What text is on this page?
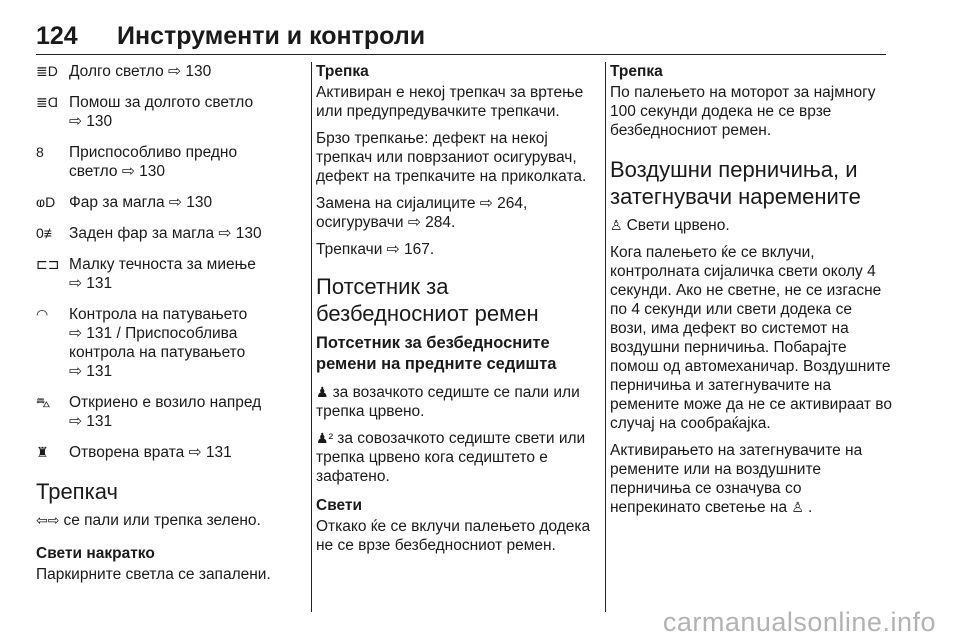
124 Инструменти и контроли
≣D Долго светло ⇨ 130
≣Ɑ Помош за долгото светло
⇨ 130
8	Приспособливо предно
светло ⇨ 130
ⱷD Фар за магла ⇨ 130
0≢ Заден фар за магла ⇨ 130
⊏⊐ Малку течноста за миење
⇨ 131
◠	Контрола на патувањето
⇨ 131 / Приспособлива
контрола на патувањето
⇨ 131
⛍	Откриено е возило напред
⇨ 131
♜	Отворена врата ⇨ 131
Трепкач

⇦⇨ се пали или трепка зелено.

Свети накратко

Паркирните светла се запалени.

Трепка

Активиран е некој трепкач за вртење или предупредувачките трепкачи.

Брзо трепкање: дефект на некој трепкач или поврзаниот осигурувач, дефект на трепкачите на приколката.

Замена на сијалиците ⇨ 264, осигурувачи ⇨ 284.

Трепкачи ⇨ 167.

Потсетник за безбедносниот ремен
Потсетник за безбедносните ремени на предните седишта

♟ за возачкото седиште се пали или трепка црвено.

♟² за совозачкото седиште свети или трепка црвено кога седиштето е зафатено.

Свети

Откако ќе се вклучи палењето додека не се врзе безбедносниот ремен.

Трепка

По палењето на моторот за најмногу 100 секунди додека не се врзе безбедносниот ремен.

Воздушни перничиња, и затегнувачи наремените

♙ Свети црвено.

Кога палењето ќе се вклучи, контролната сијаличка свети околу 4 секунди. Ако не светне, не се изгасне по 4 секунди или свети додека се вози, има дефект во системот на воздушни перничиња. Побарајте помош од автомеханичар. Воздушните перничиња и затегнувачите на ремените може да не се активираат во случај на сообраќајка.

Активирањето на затегнувачите на ремените или на воздушните перничиња се означува со непрекинато светење на ♙ .

carmanualsonline.info
